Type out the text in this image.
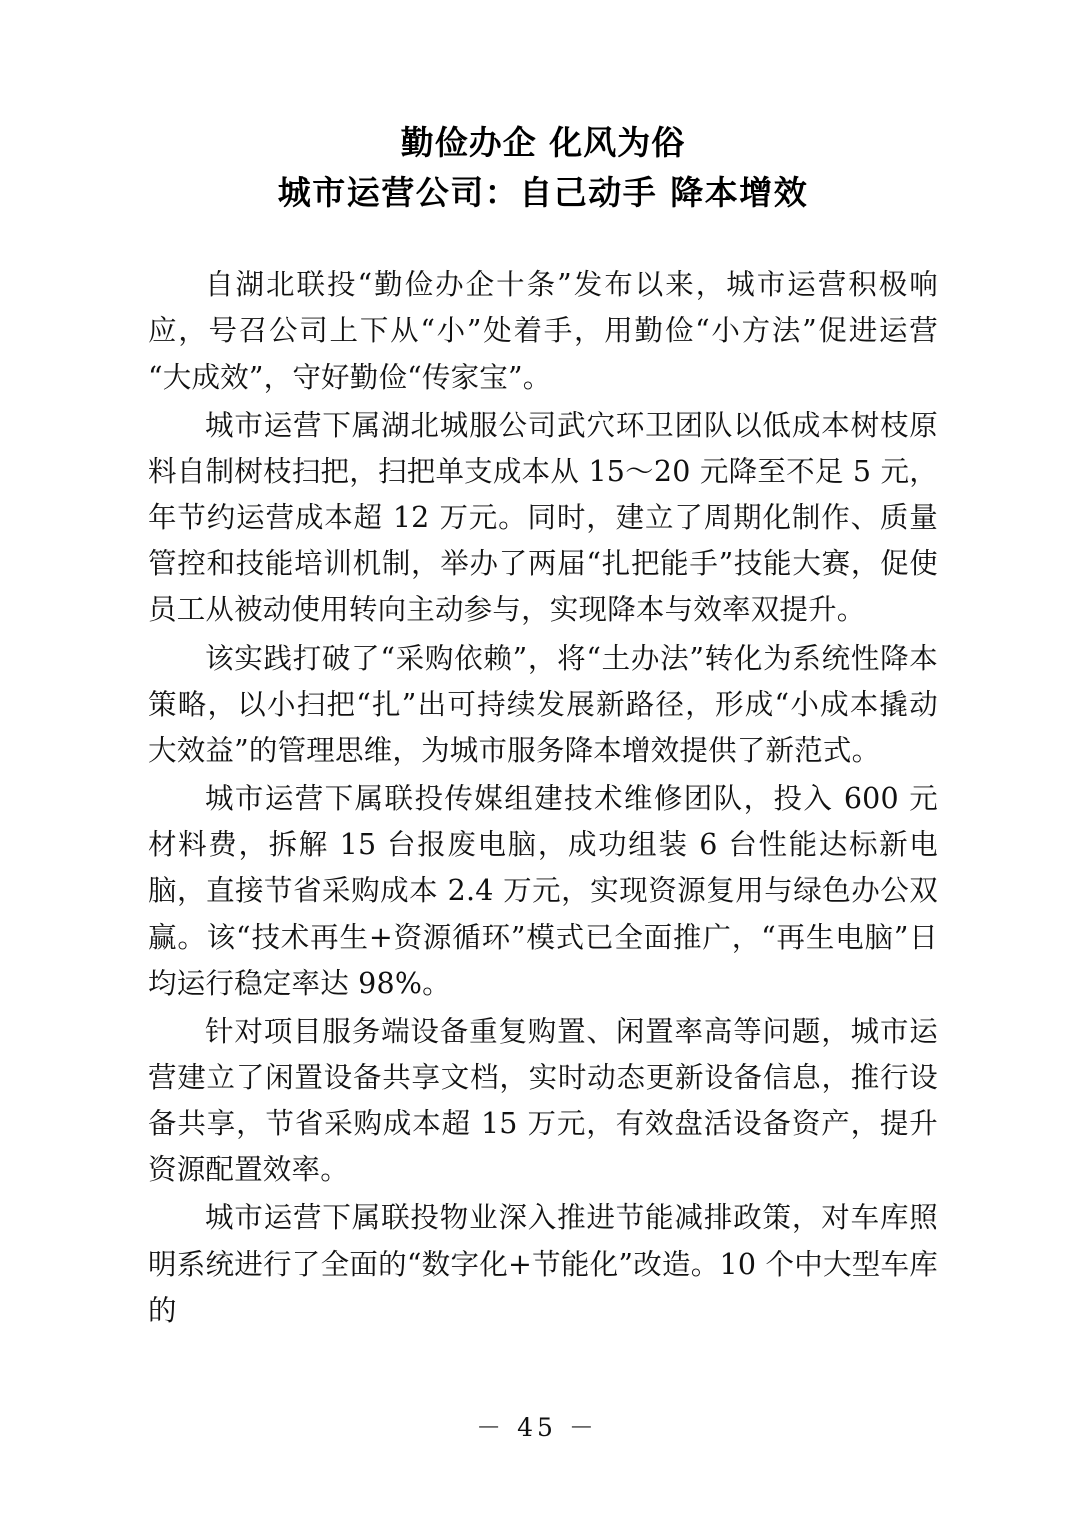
勤俭办企 化风为俗
城市运营公司：自己动手 降本增效

自湖北联投“勤俭办企十条”发布以来，城市运营积极响应，号召公司上下从“小”处着手，用勤俭“小方法”促进运营“大成效”，守好勤俭“传家宝”。

城市运营下属湖北城服公司武穴环卫团队以低成本树枝原料自制树枝扫把，扫把单支成本从 15～20 元降至不足 5 元，年节约运营成本超 12 万元。同时，建立了周期化制作、质量管控和技能培训机制，举办了两届“扎把能手”技能大赛，促使员工从被动使用转向主动参与，实现降本与效率双提升。

该实践打破了“采购依赖”，将“土办法”转化为系统性降本策略，以小扫把“扎”出可持续发展新路径，形成“小成本撬动大效益”的管理思维，为城市服务降本增效提供了新范式。

城市运营下属联投传媒组建技术维修团队，投入 600 元材料费，拆解 15 台报废电脑，成功组装 6 台性能达标新电脑，直接节省采购成本 2.4 万元，实现资源复用与绿色办公双赢。该“技术再生+资源循环”模式已全面推广，“再生电脑”日均运行稳定率达 98%。

针对项目服务端设备重复购置、闲置率高等问题，城市运营建立了闲置设备共享文档，实时动态更新设备信息，推行设备共享，节省采购成本超 15 万元，有效盘活设备资产，提升资源配置效率。

城市运营下属联投物业深入推进节能减排政策，对车库照明系统进行了全面的“数字化+节能化”改造。10 个中大型车库的

－ 45 －
